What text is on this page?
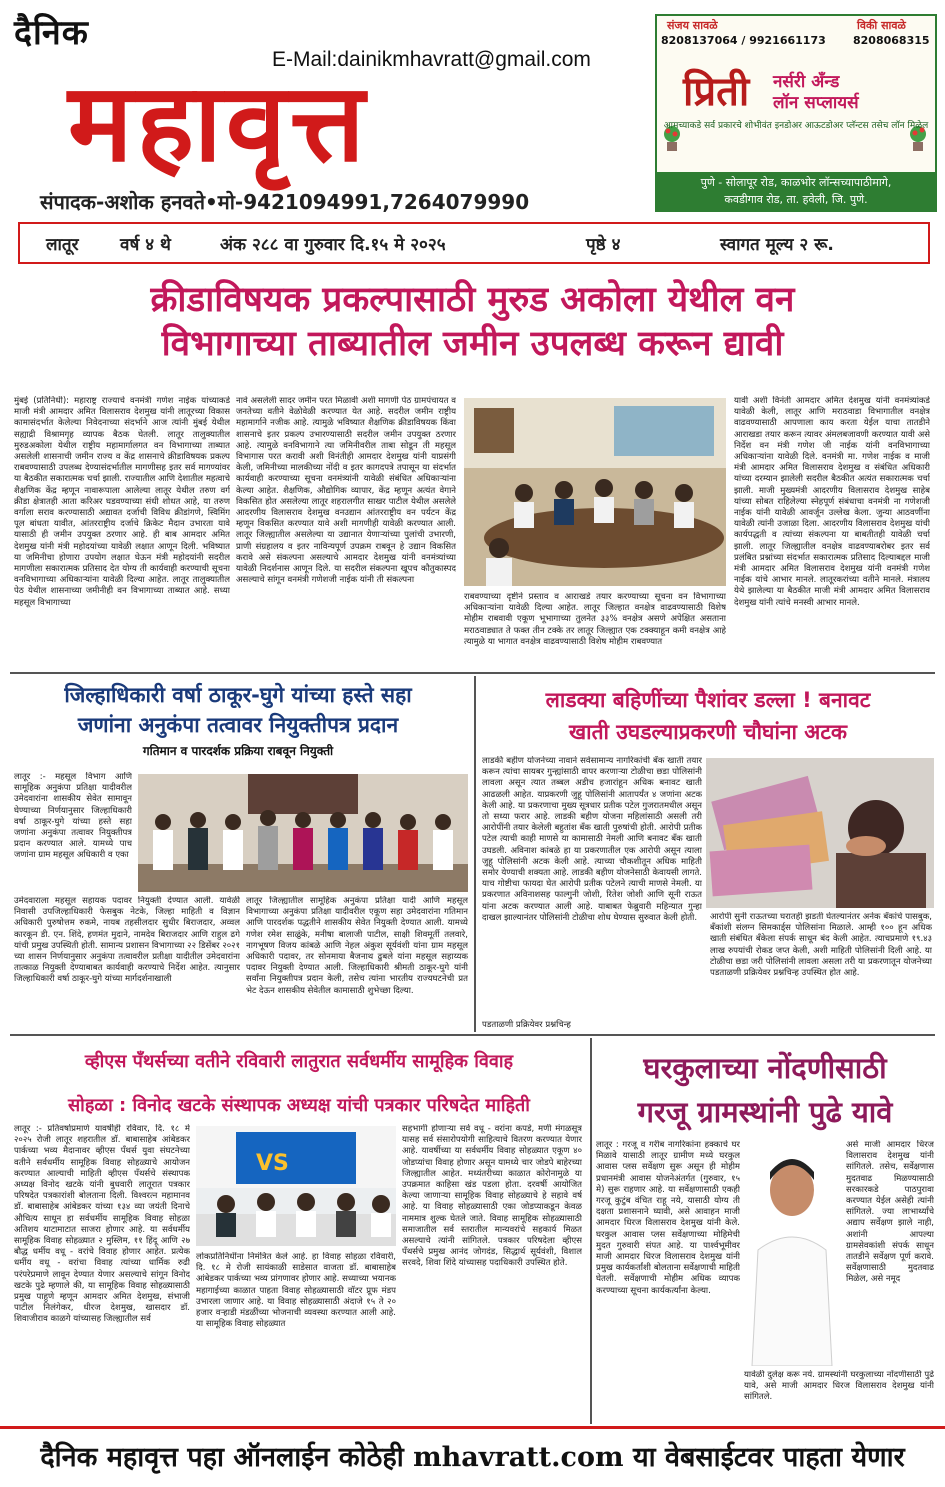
दैनिक
E-Mail:dainikmhavratt@gmail.com
महावृत्त
संपादक-अशोक हनवते•मो-9421094991,7264079990
संजय सावळे	विकी सावळे
8208137064 / 9921661173 8208068315
प्रिती नर्सरी अँन्ड
लॉन सप्लायर्स
आमच्याकडे सर्व प्रकारचे शोभीवंत इनडोअर आऊटडोअर प्लॅन्टस तसेच लॉन मिळेल
पुणे - सोलापूर रोड, काळभोर लॉन्सच्यापाठीमागे,
कवडीगाव रोड, ता. हवेली, जि. पुणे.
लातूर वर्ष ४ थे	अंक २८८ वा गुरुवार दि.१५ मे २०२५	पृष्ठे ४	स्वागत मूल्य २ रू.
क्रीडाविषयक प्रकल्पासाठी मुरुड अकोला येथील वन
विभागाच्या ताब्यातील जमीन उपलब्ध करून द्यावी
मुंबई (प्रतिनिधी): महाराष्ट्र राज्याचे वनमंत्री गणेश नाईक यांच्याकडे माजी मंत्री आमदार अमित विलासराव देशमुख यांनी लातूरच्या विकास कामासंदर्भात केलेल्या निवेदनाच्या संदर्भाने आज त्यांनी मुंबई येथील सह्याद्री विश्रामगृह व्यापक बैठक घेतली. लातूर तालुक्यातील मुरुडअकोला येथील राष्ट्रीय महामार्गालगत वन विभागाच्या ताब्यात असलेली शासनाची जमीन राज्य व केंद्र शासनाचे क्रीडाविषयक प्रकल्प राबवण्यासाठी उपलब्ध देण्यासंदर्भातील मागणीसह इतर सर्व मागण्यांवर या बैठकीत सकारात्मक चर्चा झाली. राज्यातील आणि देशातील महत्वाचे शैक्षणिक केंद्र म्हणून नावारूपाला आलेल्या लातूर येथील तरुण वर्ग क्रीडा क्षेत्रातही आता करिअर घडवण्याच्या संधी शोधत आहे, या तरुण वर्गाला सराव करण्यासाठी अद्यावत दर्जाची विविध क्रीडांगणे, स्विमिंग पूल बांधता यावीत, आंतरराष्ट्रीय दर्जाचे क्रिकेट मैदान उभारता यावे यासाठी ही जमीन उपयुक्त ठरणार आहे. ही बाब आमदार अमित देशमुख यांनी मंत्री महोदयांच्या यावेळी लक्षात आणून दिली. भविष्यात या जमिनीचा होणारा उपयोग लक्षात घेऊन मंत्री महोदयांनी सदरील मागणीला सकारात्मक प्रतिसाद देत योग्य ती कार्यवाही करण्याची सूचना वनविभागाच्या अधिकाऱ्यांना यावेळी दिल्या आहेत. लातूर तालुक्यातील पेठ येथील शासनाच्या जमीनीही वन विभागाच्या ताब्यात आहे. सध्या महसूल विभागाच्या
नावे असलेली सादर जमीन परत मिळावी अशी मागणी पेठ ग्रामपंचायत व जनतेच्या वतीने वेळोवेळी करण्यात येत आहे. सदरील जमीन राष्ट्रीय महामार्गाने नजीक आहे. त्यामुळे भविष्यात शैक्षणिक क्रीडाविषयक किंवा शासनाचे इतर प्रकल्प उभारण्यासाठी सदरील जमीन उपयुक्त ठरणार आहे. त्यामुळे वनविभागाने त्या जमिनीवरील ताबा सोडून ती महसूल विभागास परत करावी अशी विनंतीही आमदार देशमुख यांनी याप्रसंगी केली, जमिनीच्या मालकीच्या नोंदी व इतर कागदपत्रे तपासून या संदर्भात कार्यवाही करण्याच्या सूचना वनमंत्र्यांनी यावेळी संबंधित अधिकाऱ्यांना केल्या आहेत. शैक्षणिक, औद्योगिक व्यापार, केंद्र म्हणून अत्यंत वेगाने विकसित होत असलेल्या लातूर शहरालगीत साखर पाटील येथील असलेले आदरणीय विलासराव देशमुख वनउद्यान आंतरराष्ट्रीय वन पर्यटन केंद्र म्हणून विकसित करण्यात यावे अशी मागणीही यावेळी करण्यात आली. लातूर जिल्ह्यातील असलेल्या या उद्यानात येणाऱ्यांच्या पुलांची उभारणी, प्राणी संग्रहालय व इतर नाविन्यपूर्ण उपक्रम राबवून हे उद्यान विकसित करावे असे संकल्पना असल्याचे आमदार देशमुख यांनी वनमंत्र्यांच्या यावेळी निदर्शनास आणून दिले. या सदरील संकल्पना खूपच कौतुकास्पद असल्याचे सांगून वनमंत्री गणेशजी नाईक यांनी ती संकल्पना
राबवण्याच्या दृष्टीने प्रस्ताव व आराखडे तयार करण्याच्या सूचना वन विभागाच्या अधिकाऱ्यांना यावेळी दिल्या आहेत. लातूर जिल्हात वनक्षेत्र वाढवण्यासाठी विशेष मोहीम राबवावी एकूण भूभागाच्या तुलनेत ३३% वनक्षेत्र असणे अपेक्षित असताना मराठवाड्यात ते फक्त तीन टक्के तर लातूर जिल्ह्यात एक टक्क्याहून कमी वनक्षेत्र आहे त्यामुळे या भागात वनक्षेत्र वाढवण्यासाठी विशेष मोहीम राबवण्यात
यावी अशी विनंती आमदार अमित देशमुख यांनी वनमंत्र्यांकडे यावेळी केली, लातूर आणि मराठवाडा विभागातील वनक्षेत्र वाढवण्यासाठी आपणाला काय करता येईल याचा तातडीने आराखडा तयार करून त्यावर अंमलबजावणी करण्यात यावी असे निर्देश वन मंत्री गणेश जी नाईक यांनी वनविभागाच्या अधिकाऱ्यांना यावेळी दिले. वनमंत्री मा. गणेश नाईक व माजी मंत्री आमदार अमित विलासराव देशमुख व संबंधित अधिकारी यांच्या दरम्यान झालेली सदरील बैठकीत अत्यंत सकारात्मक चर्चा झाली. माजी मुख्यमंत्री आदरणीय विलासराव देशमुख साहेब यांच्या सोबत राहिलेल्या स्नेहपूर्ण संबंधाचा वनमंत्री ना गणेशजी नाईक यांनी यावेळी आवर्जून उल्लेख केला. जुन्या आठवणींना यावेळी त्यांनी उजाळा दिला. आदरणीय विलासराव देशमुख यांची कार्यपद्धती व त्यांच्या संकल्पना या बाबतीतही यावेळी चर्चा झाली. लातूर जिल्ह्यातील वनक्षेत्र वाढवण्याबरोबर इतर सर्व प्रलंबित प्रश्नांच्या संदर्भात सकारात्मक प्रतिसाद दिल्याबद्दल माजी मंत्री आमदार अमित विलासराव देशमुख यांनी वनमंत्री गणेश नाईक यांचे आभार मानले. लातूरकरांच्या वतीने मानले. मंत्रालय येथे झालेल्या या बैठकीत माजी मंत्री आमदार अमित विलासराव देशमुख यांनी त्यांचे मनस्वी आभार मानले.
जिल्हाधिकारी वर्षा ठाकूर-घुगे यांच्या हस्ते सहा
जणांना अनुकंपा तत्वावर नियुक्तीपत्र प्रदान
गतिमान व पारदर्शक प्रक्रिया राबवून नियुक्ती
लातूर :- महसूल विभाग आणि सामूहिक अनुकंपा प्रतिक्षा यादीवरील उमेदवारांना शासकीय सेवेत सामावून घेण्याच्या निर्णयानुसार जिल्हाधिकारी वर्षा ठाकूर-घुगे यांच्या हस्ते सहा जणांना अनुकंपा तत्वावर नियुक्तीपत्र प्रदान करण्यात आले. यामध्ये पाच जणांना ग्राम महसूल अधिकारी व एका
उमेदवाराला महसूल सहायक पदावर नियुक्ती देण्यात आली. यावेळी निवासी उपजिल्हाधिकारी फेसबुक नेटके, जिल्हा माहिती व विज्ञान अधिकारी पुरुषोत्तम रुकमे, नायब तहसीलदार सुधीर बिराजदार, अव्वल कारकून डी. एन. शिंदे, हणमंत मुदाने, नामदेव बिराजदार आणि राहुल ढगे यांची प्रमुख उपस्थिती होती. सामान्य प्रशासन विभागाच्या २२ डिसेंबर २०२१ च्या शासन निर्णयानुसार अनुकंपा तत्वावरील प्रतीक्षा यादीतील उमेदवारांना तात्काळ नियुक्ती देण्याबाबत कार्यवाही करण्याचे निर्देश आहेत. त्यानुसार जिल्हाधिकारी वर्षा ठाकूर-घुगे यांच्या मार्गदर्शनाखाली
लातूर जिल्ह्यातील सामूहिक अनुकंपा प्रतिक्षा यादी आणि महसूल विभागाच्या अनुकंपा प्रतिक्षा यादीवरील एकूण सहा उमेदवारांना गतिमान आणि पारदर्शक पद्धतीने शासकीय सेवेत नियुक्ती देण्यात आली. यामध्ये गणेश रमेश साळुंके, मनीषा बालाजी पाटील, साक्षी शिवमूर्ती तलवारे, नागभूषण विजय कांबळे आणि नेहल अंकुश सूर्यवंशी यांना ग्राम महसूल अधिकारी पदावर, तर सोनमाया बैजनाथ ढुबले यांना महसूल सहाय्यक पदावर नियुक्ती देण्यात आली. जिल्हाधिकारी श्रीमती ठाकूर-घुगे यांनी सर्वांना नियुक्तीपत्र प्रदान केली, तसेच त्यांना भारतीय राज्यघटनेची प्रत भेट देऊन शासकीय सेवेतील कामासाठी शुभेच्छा दिल्या.
लाडक्या बहिणींच्या पैशांवर डल्ला ! बनावट
खाती उघडल्याप्रकरणी चौघांना अटक
लाडकी बहीण योजनेच्या नावाने सर्वसामान्य नागरिकांची बँक खाती तयार करून त्यांचा सायबर गुन्ह्यांसाठी वापर करणाऱ्या टोळीचा छडा पोलिसांनी लावला असून त्यात तब्बल अडीच हजारांहून अधिक बनावट खाती आढळली आहेत. याप्रकरणी जुहू पोलिसांनी आतापर्यंत ४ जणांना अटक केली आहे. या प्रकरणाचा मुख्य सूत्रधार प्रतीक पटेल गुजरातमधील असून तो सध्या फरार आहे. लाडकी बहीण योजना महिलांसाठी असली तरी आरोपींनी तयार केलेली बहुतांश बँक खाती पुरुषांची होती. आरोपी प्रतीक पटेल त्याची काही माणसे या कामासाठी नेमली आणि बनावट बँक खाती उघडली. अविनाश कांबळे हा या प्रकरणातील एक आरोपी असून त्याला जुहू पोलिसांनी अटक केली आहे. त्याच्या चौकशीतून अधिक माहिती समोर येण्याची शक्यता आहे. लाडकी बहीण योजनेसाठी केवायसी लागते. याच गोष्टीचा फायदा घेत आरोपी प्रतीक पटेलने त्याची माणसे नेमली. या प्रकरणात अविनाशसह फाल्गुनी जोशी, रितेश जोशी आणि सूनी राऊत यांना अटक करण्यात आली आहे. याबाबत फेब्रुवारी महिन्यात गुन्हा दाखल झाल्यानंतर पोलिसांनी टोळीचा शोध घेण्यास सुरुवात केली होती.
पडताळणी प्रक्रियेवर प्रश्नचिन्ह
आरोपी सुनी राऊतच्या घरातही झडती घेतल्यानंतर अनेक बँकांचे पासबुक, बँकांशी संलग्न सिमकार्ड्स पोलिसांना मिळाले. आम्ही १०० हून अधिक खाती संबंधित बँकेला संपर्क साधून बंद केली आहेत. त्याचप्रमाणे १९.४३ लाख रुपयांची रोकड जप्त केली, अशी माहिती पोलिसांनी दिली आहे. या टोळीचा छडा जरी पोलिसांनी लावला असला तरी या प्रकरणातून योजनेच्या पडताळणी प्रक्रियेवर प्रश्नचिन्ह उपस्थित होत आहे.
व्हीएस पँथर्सच्या वतीने रविवारी लातुरात सर्वधर्मीय सामूहिक विवाह
सोहळा : विनोद खटके संस्थापक अध्यक्ष यांची पत्रकार परिषदेत माहिती
लातूर :- प्रतिवर्षाप्रमाणे यावर्षीही रविवार, दि. १८ मे २०२५ रोजी लातूर शहरातील डॉ. बाबासाहेब आंबेडकर पार्कच्या भव्य मैदानावर व्हीएस पँथर्स युवा संघटनेच्या वतीने सर्वधर्मीय सामूहिक विवाह सोहळ्याचे आयोजन करण्यात आल्याची माहिती व्हीएस पँथर्सचे संस्थापक अध्यक्ष विनोद खटके यांनी बुधवारी लातूरात पत्रकार परिषदेत पत्रकारांशी बोलताना दिली. विश्वरत्न महामानव डॉ. बाबासाहेब आंबेडकर यांच्या १३४ व्या जयंती दिनाचे औचित्य साधून हा सर्वधर्मीय सामूहिक विवाह सोहळा अतिशय थाटामाटात साजरा होणार आहे. या सर्वधर्मीय सामूहिक विवाह सोहळ्यात २ मुस्लिम, ११ हिंदू आणि २७ बौद्ध धर्मीय वधू - वरांचे विवाह होणार आहेत. प्रत्येक धर्मीय वधू - वरांचा विवाह त्यांच्या धार्मिक रुढी परंपरेप्रमाणे लावून देण्यात येणार असल्याचे सांगून विनोद खटके पुढे म्हणाले की, या सामूहिक विवाह सोहळ्यासाठी प्रमुख पाहुणे म्हणून आमदार अमित देशमुख, संभाजी पाटील निलंगेकर, धीरज देशमुख, खासदार डॉ. शिवाजीराव काळगे यांच्यासह जिल्ह्यातील सर्व
VS
लोकप्रतिनिधींना निमंत्रित केले आहे. हा विवाह सोहळा रविवारी, दि. १८ मे रोजी सायंकाळी साडेसात वाजता डॉ. बाबासाहेब आंबेडकर पार्कच्या भव्य प्रांगणावर होणार आहे. सध्याच्या भयानक महागाईच्या काळात पाहता विवाह सोहळ्यासाठी वॉटर प्रूफ मंडप उभारला जाणार आहे. या विवाह सोहळ्यासाठी अंदाजे १५ ते २० हजार वऱ्हाडी मंडळींच्या भोजनाची व्यवस्था करण्यात आली आहे. या सामूहिक विवाह सोहळ्यात
सहभागी होणाऱ्या सर्व वधू - वरांना कपडे, मणी मंगळसूत्र यासह सर्व संसारोपयोगी साहित्याचे वितरण करण्यात येणार आहे. यावर्षीच्या या सर्वधर्मीय विवाह सोहळ्यात एकूण ४० जोडप्यांचा विवाह होणार असून यामध्ये चार जोडपे बाहेरच्या जिल्ह्यातील आहेत. मध्यंतरीच्या काळात कोरोनामुळे या उपक्रमात काहिसा खंड पडला होता. दरवर्षी आयोजित केल्या जाणाऱ्या सामूहिक विवाह सोहळ्याचे हे सहावे वर्ष आहे. या विवाह सोहळ्यासाठी एका जोडप्याकडून केवळ नाममात्र शुल्क घेतले जाते. विवाह सामूहिक सोहळ्यासाठी समाजातील सर्व स्तरातील मान्यवरांचे सहकार्य मिळत असल्याचे त्यांनी सांगितले. पत्रकार परिषदेला व्हीएस पँथर्सचे प्रमुख आनंद जोगदंड, सिद्धार्थ सूर्यवंशी, विशाल सरवदे, शिवा शिंदे यांच्यासह पदाधिकारी उपस्थित होते.
घरकुलाच्या नोंदणीसाठी
गरजू ग्रामस्थांनी पुढे यावे
लातूर : गरजू व गरीब नागरिकांना हक्काचे घर मिळावे यासाठी लातूर ग्रामीण मध्ये घरकुल आवास प्लस सर्वेक्षण सुरू असून ही मोहीम प्रधानमंत्री आवास योजनेअंतर्गत (गुरुवार, १५ मे) सुरू राहणार आहे. या सर्वेक्षणासाठी एकही गरजू कुटुंब वंचित राहू नये, यासाठी योग्य ती दक्षता प्रशासनाने घ्यावी, असे आवाहन माजी आमदार धिरज विलासराव देशमुख यांनी केले. घरकुल आवास प्लस सर्वेक्षणाच्या मोहिमेची मुदत गुरुवारी संपत आहे. या पार्श्वभूमीवर माजी आमदार धिरज विलासराव देशमुख यांनी प्रमुख कार्यकर्तांशी बोलताना सर्वेक्षणाची माहिती घेतली. सर्वेक्षणाची मोहीम अधिक व्यापक करण्याच्या सूचना कार्यकर्त्यांना केल्या.
असे माजी आमदार धिरज विलासराव देशमुख यांनी सांगितले. तसेच, सर्वेक्षणास मुदतवाढ मिळण्यासाठी सरकारकडे पाठपुरावा करण्यात येईल असेही त्यांनी सांगितले. ज्या लाभार्थ्यांचे अद्याप सर्वेक्षण झाले नाही, अशांनी आपल्या ग्रामसेवकांशी संपर्क साधून तातडीने सर्वेक्षण पूर्ण करावे. सर्वेक्षणासाठी मुदतवाढ मिळेल, असे नमूद
यावेळी दुर्लक्ष करू नये. ग्रामस्थांनी घरकुलाच्या नोंदणीसाठी पुढे यावे, असे माजी आमदार धिरज विलासराव देशमुख यांनी सांगितले.
दैनिक महावृत्त पहा ऑनलाईन कोठेही mhavratt.com या वेबसाईटवर पाहता येणार
